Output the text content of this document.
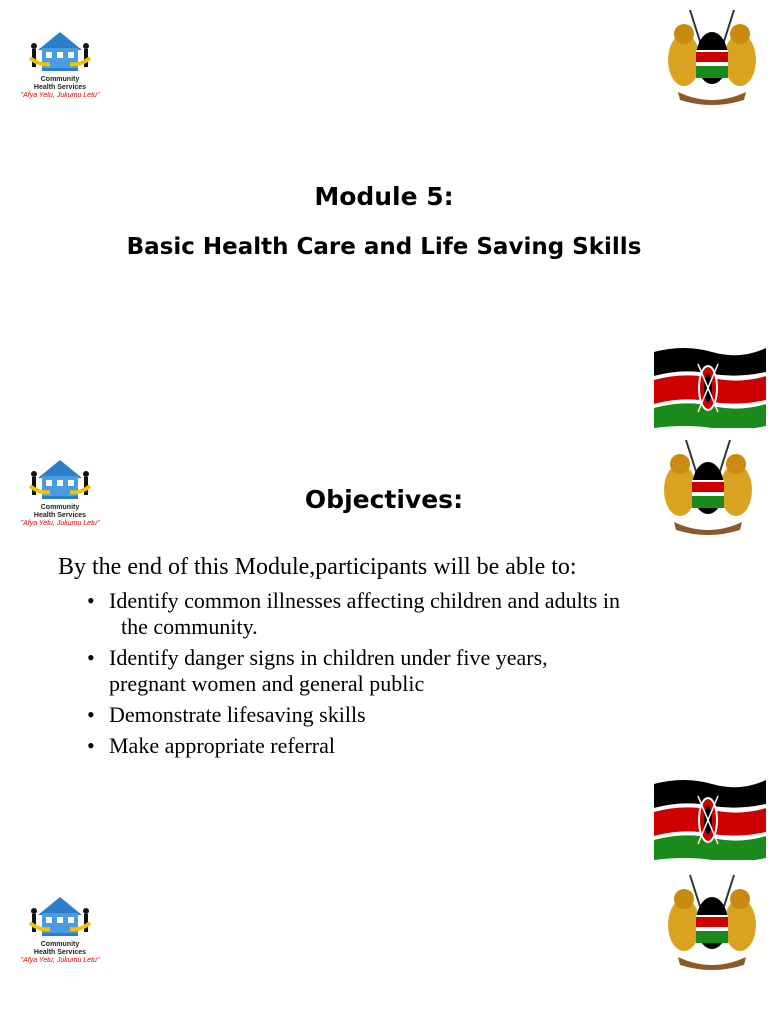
Community
Health Services
"Afya Yetu, Jukumu Letu"
Module 5:
Basic Health Care and Life Saving Skills
Community
Health Services
"Afya Yetu, Jukumu Letu"
Objectives:
By the end of this Module,participants will be able to:
• Identify common illnesses affecting children and adults in
the community.
• Identify danger signs in children under five years,
pregnant women and general public
• Demonstrate lifesaving skills
• Make appropriate referral
Community
Health Services
"Afya Yetu, Jukumu Letu"
